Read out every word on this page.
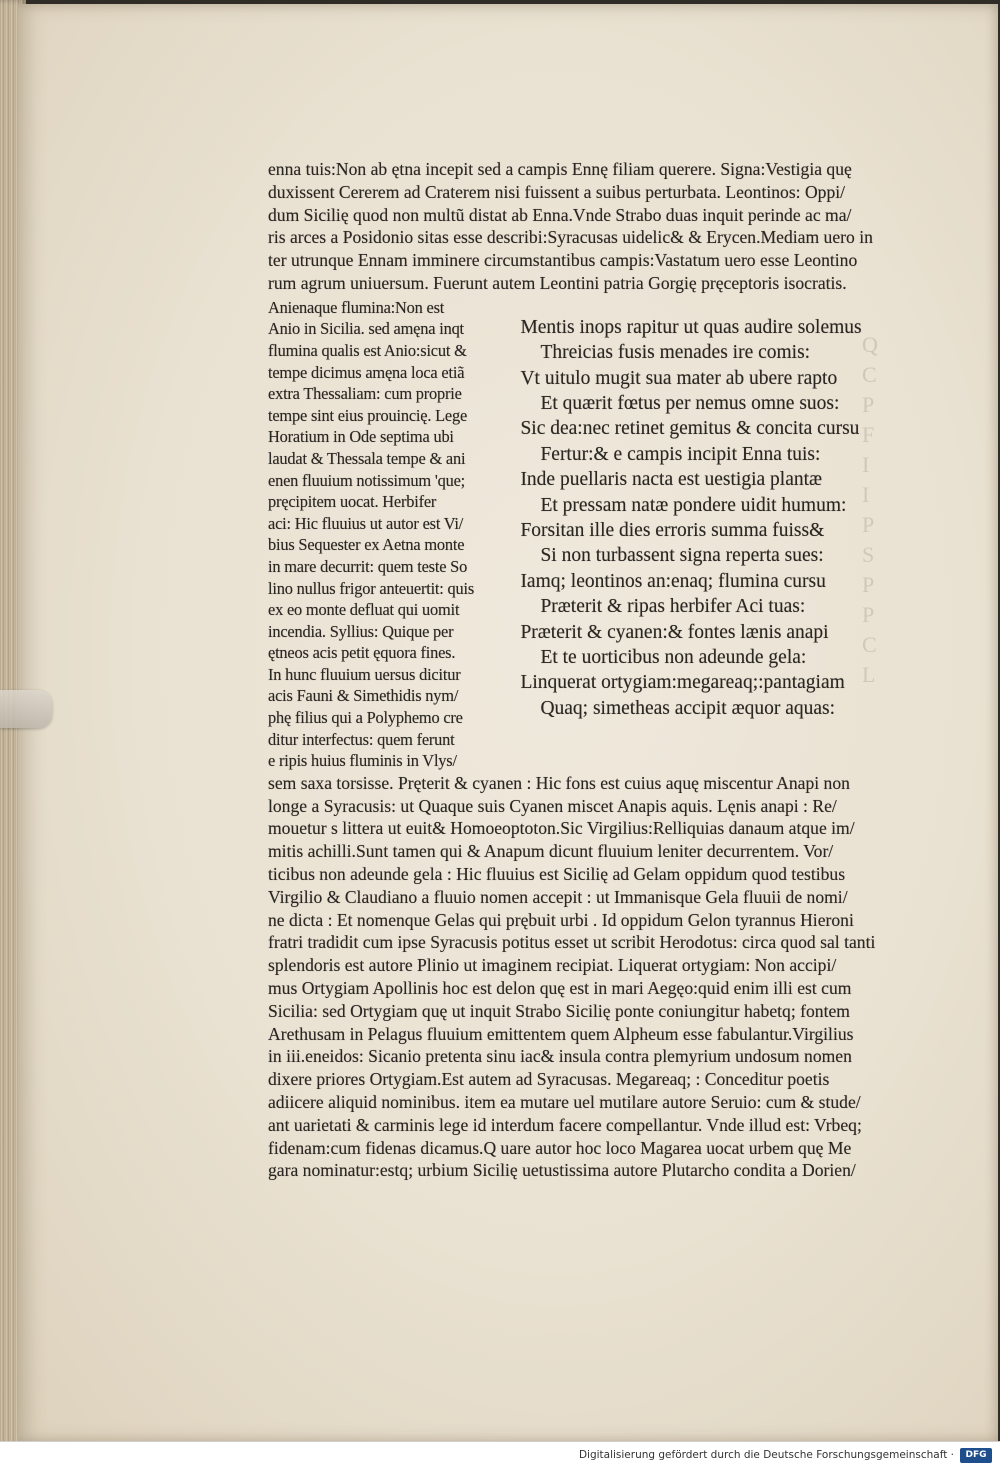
Q
C
P
F
I
I
P
S
P
P
C
L
enna tuis:Non ab ętna incepit sed a campis Ennę filiam querere. Signa:Vestigia quę
duxissent Cererem ad Craterem nisi fuissent a suibus perturbata. Leontinos: Oppi/
dum Sicilię quod non multũ distat ab Enna.Vnde Strabo duas inquit perinde ac ma/
ris arces a Posidonio sitas esse describi:Syracusas uidelic& & Erycen.Mediam uero in
ter utrunque Ennam imminere circumstantibus campis:Vastatum uero esse Leontino
rum agrum uniuersum. Fuerunt autem Leontini patria Gorgię pręceptoris isocratis.
Anienaque flumina:Non est
Anio in Sicilia. sed amęna inqt
flumina qualis est Anio:sicut &
tempe dicimus amęna loca etiã
extra Thessaliam: cum proprie
tempe sint eius prouincię. Lege
Horatium in Ode septima ubi
laudat & Thessala tempe & ani
enen fluuium notissimum 'que;
pręcipitem uocat. Herbifer
aci: Hic fluuius ut autor est Vi/
bius Sequester ex Aetna monte
in mare decurrit: quem teste So
lino nullus frigor anteuertit: quis
ex eo monte defluat qui uomit
incendia. Syllius: Quique per
ętneos acis petit ęquora fines.
In hunc fluuium uersus dicitur
acis Fauni & Simethidis nym/
phę filius qui a Polyphemo cre
ditur interfectus: quem ferunt
e ripis huius fluminis in Vlys/
Mentis inops rapitur ut quas audire solemus
Threicias fusis menades ire comis:
Vt uitulo mugit sua mater ab ubere rapto
Et quærit fœtus per nemus omne suos:
Sic dea:nec retinet gemitus & concita cursu
Fertur:& e campis incipit Enna tuis:
Inde puellaris nacta est uestigia plantæ
Et pressam natæ pondere uidit humum:
Forsitan ille dies erroris summa fuiss&
Si non turbassent signa reperta sues:
Iamq; leontinos an:enaq; flumina cursu
Præterit & ripas herbifer Aci tuas:
Præterit & cyanen:& fontes lænis anapi
Et te uorticibus non adeunde gela:
Linquerat ortygiam:megareaq;:pantagiam
Quaq; simetheas accipit æquor aquas:
sem saxa torsisse. Pręterit & cyanen : Hic fons est cuius aquę miscentur Anapi non
longe a Syracusis: ut Quaque suis Cyanen miscet Anapis aquis. Lęnis anapi : Re/
mouetur s littera ut euit& Homoeoptoton.Sic Virgilius:Relliquias danaum atque im/
mitis achilli.Sunt tamen qui & Anapum dicunt fluuium leniter decurrentem. Vor/
ticibus non adeunde gela : Hic fluuius est Sicilię ad Gelam oppidum quod testibus
Virgilio & Claudiano a fluuio nomen accepit : ut Immanisque Gela fluuii de nomi/
ne dicta : Et nomenque Gelas qui prębuit urbi . Id oppidum Gelon tyrannus Hieroni
fratri tradidit cum ipse Syracusis potitus esset ut scribit Herodotus: circa quod sal tanti
splendoris est autore Plinio ut imaginem recipiat. Liquerat ortygiam: Non accipi/
mus Ortygiam Apollinis hoc est delon quę est in mari Aegęo:quid enim illi est cum
Sicilia: sed Ortygiam quę ut inquit Strabo Sicilię ponte coniungitur habetq; fontem
Arethusam in Pelagus fluuium emittentem quem Alpheum esse fabulantur.Virgilius
in iii.eneidos: Sicanio pretenta sinu iac& insula contra plemyrium undosum nomen
dixere priores Ortygiam.Est autem ad Syracusas. Megareaq; : Conceditur poetis
adiicere aliquid nominibus. item ea mutare uel mutilare autore Seruio: cum & stude/
ant uarietati & carminis lege id interdum facere compellantur. Vnde illud est: Vrbeq;
fidenam:cum fidenas dicamus.Q uare autor hoc loco Magarea uocat urbem quę Me
gara nominatur:estq; urbium Sicilię uetustissima autore Plutarcho condita a Dorien/
Digitalisierung gefördert durch die Deutsche Forschungsgemeinschaft ·	DFG
